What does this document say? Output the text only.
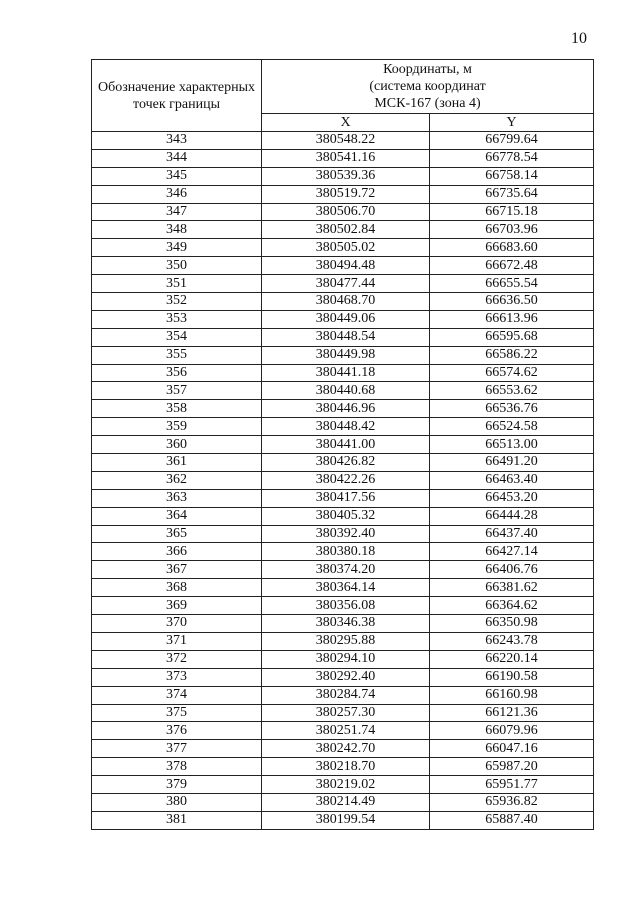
10
Обозначение характерных точек границы	Координаты, м
(система координат
МСК-167 (зона 4)	

	X	Y
343	380548.22	66799.64
344	380541.16	66778.54
345	380539.36	66758.14
346	380519.72	66735.64
347	380506.70	66715.18
348	380502.84	66703.96
349	380505.02	66683.60
350	380494.48	66672.48
351	380477.44	66655.54
352	380468.70	66636.50
353	380449.06	66613.96
354	380448.54	66595.68
355	380449.98	66586.22
356	380441.18	66574.62
357	380440.68	66553.62
358	380446.96	66536.76
359	380448.42	66524.58
360	380441.00	66513.00
361	380426.82	66491.20
362	380422.26	66463.40
363	380417.56	66453.20
364	380405.32	66444.28
365	380392.40	66437.40
366	380380.18	66427.14
367	380374.20	66406.76
368	380364.14	66381.62
369	380356.08	66364.62
370	380346.38	66350.98
371	380295.88	66243.78
372	380294.10	66220.14
373	380292.40	66190.58
374	380284.74	66160.98
375	380257.30	66121.36
376	380251.74	66079.96
377	380242.70	66047.16
378	380218.70	65987.20
379	380219.02	65951.77
380	380214.49	65936.82
381	380199.54	65887.40
